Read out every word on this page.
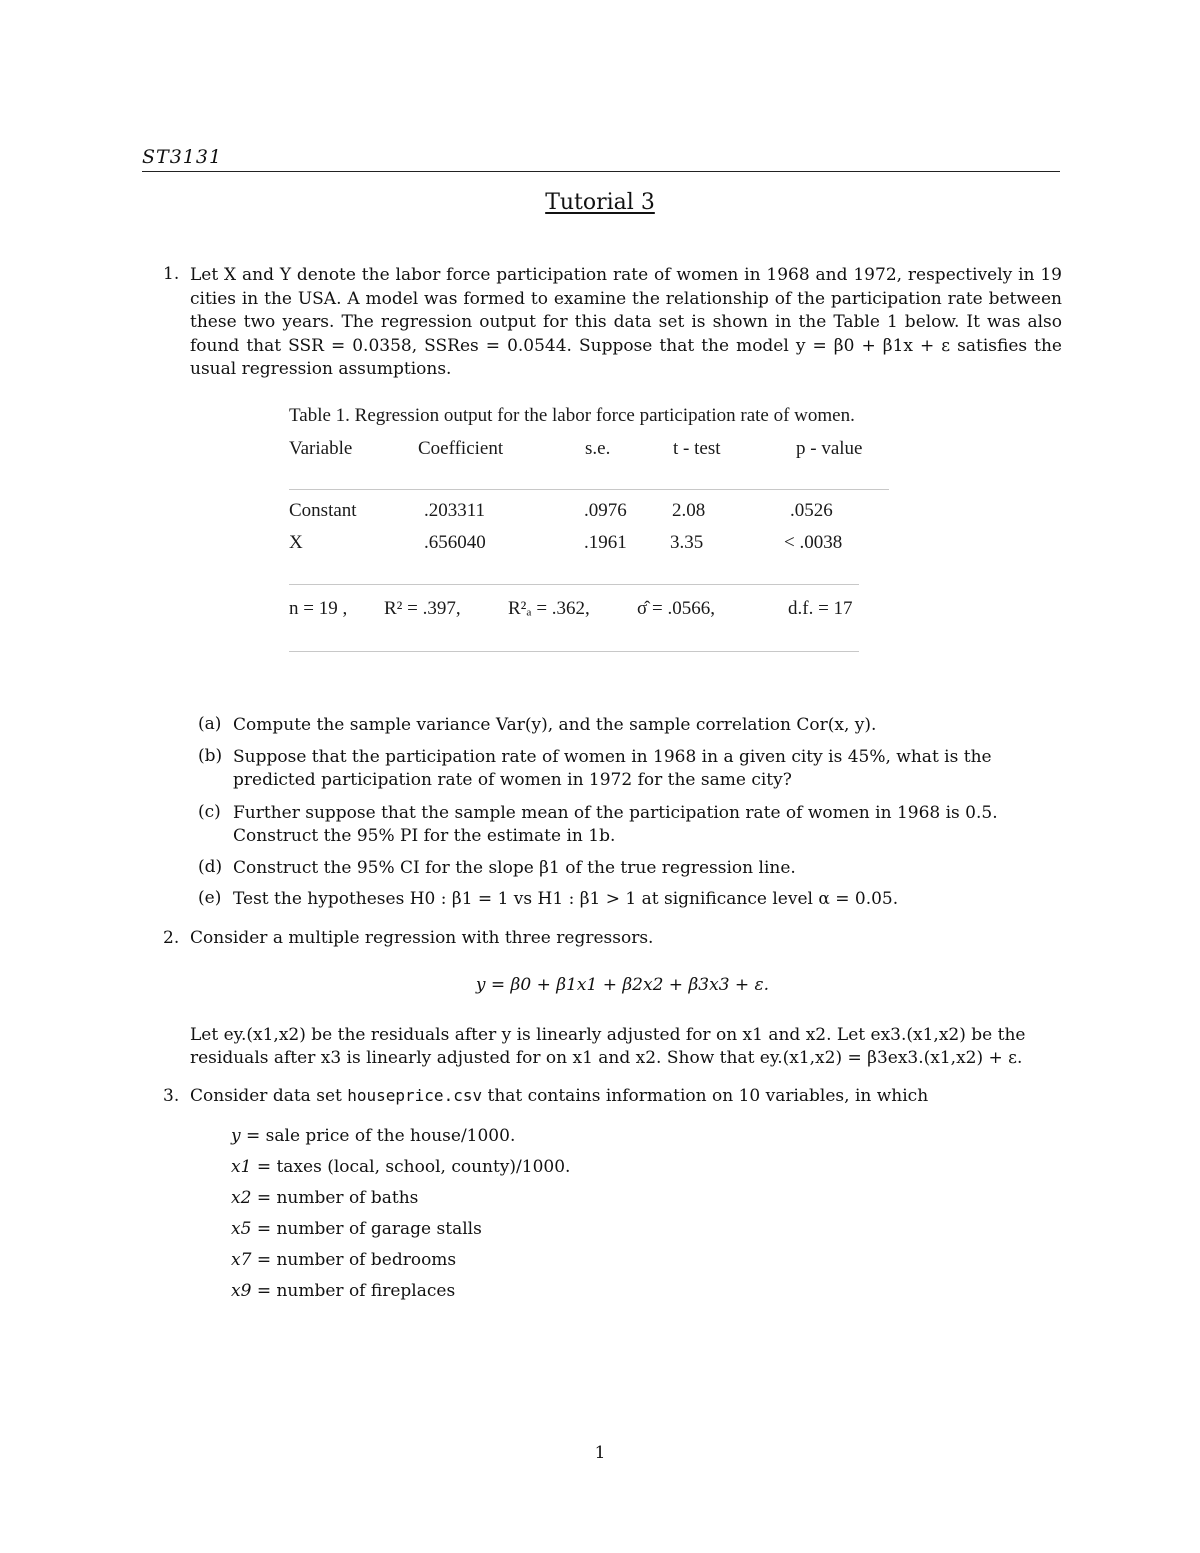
ST3131
Tutorial 3
1. Let X and Y denote the labor force participation rate of women in 1968 and 1972, respectively in 19 cities in the USA. A model was formed to examine the relationship of the participation rate between these two years. The regression output for this data set is shown in the Table 1 below. It was also found that SSR = 0.0358, SSRes = 0.0544. Suppose that the model y = β0 + β1x + ε satisfies the usual regression assumptions.
Table 1. Regression output for the labor force participation rate of women.
Variable	Coefficient	s.e.	t - test	p - value
Constant	.203311	.0976 2.08	.0526
X	.656040	.1961 3.35	< .0038
n = 19 , R² = .397, R²ₐ = .362, σ̂ = .0566,	d.f. = 17
(a) Compute the sample variance Var(y), and the sample correlation Cor(x, y).
(b) Suppose that the participation rate of women in 1968 in a given city is 45%, what is the predicted participation rate of women in 1972 for the same city?
(c) Further suppose that the sample mean of the participation rate of women in 1968 is 0.5. Construct the 95% PI for the estimate in 1b.
(d) Construct the 95% CI for the slope β1 of the true regression line.
(e) Test the hypotheses H0 : β1 = 1 vs H1 : β1 > 1 at significance level α = 0.05.
2. Consider a multiple regression with three regressors.
y = β0 + β1x1 + β2x2 + β3x3 + ε.
Let ey.(x1,x2) be the residuals after y is linearly adjusted for on x1 and x2. Let ex3.(x1,x2) be the residuals after x3 is linearly adjusted for on x1 and x2. Show that ey.(x1,x2) = β3ex3.(x1,x2) + ε.
3. Consider data set houseprice.csv that contains information on 10 variables, in which
y = sale price of the house/1000.
x1 = taxes (local, school, county)/1000.
x2 = number of baths
x5 = number of garage stalls
x7 = number of bedrooms
x9 = number of fireplaces
1
